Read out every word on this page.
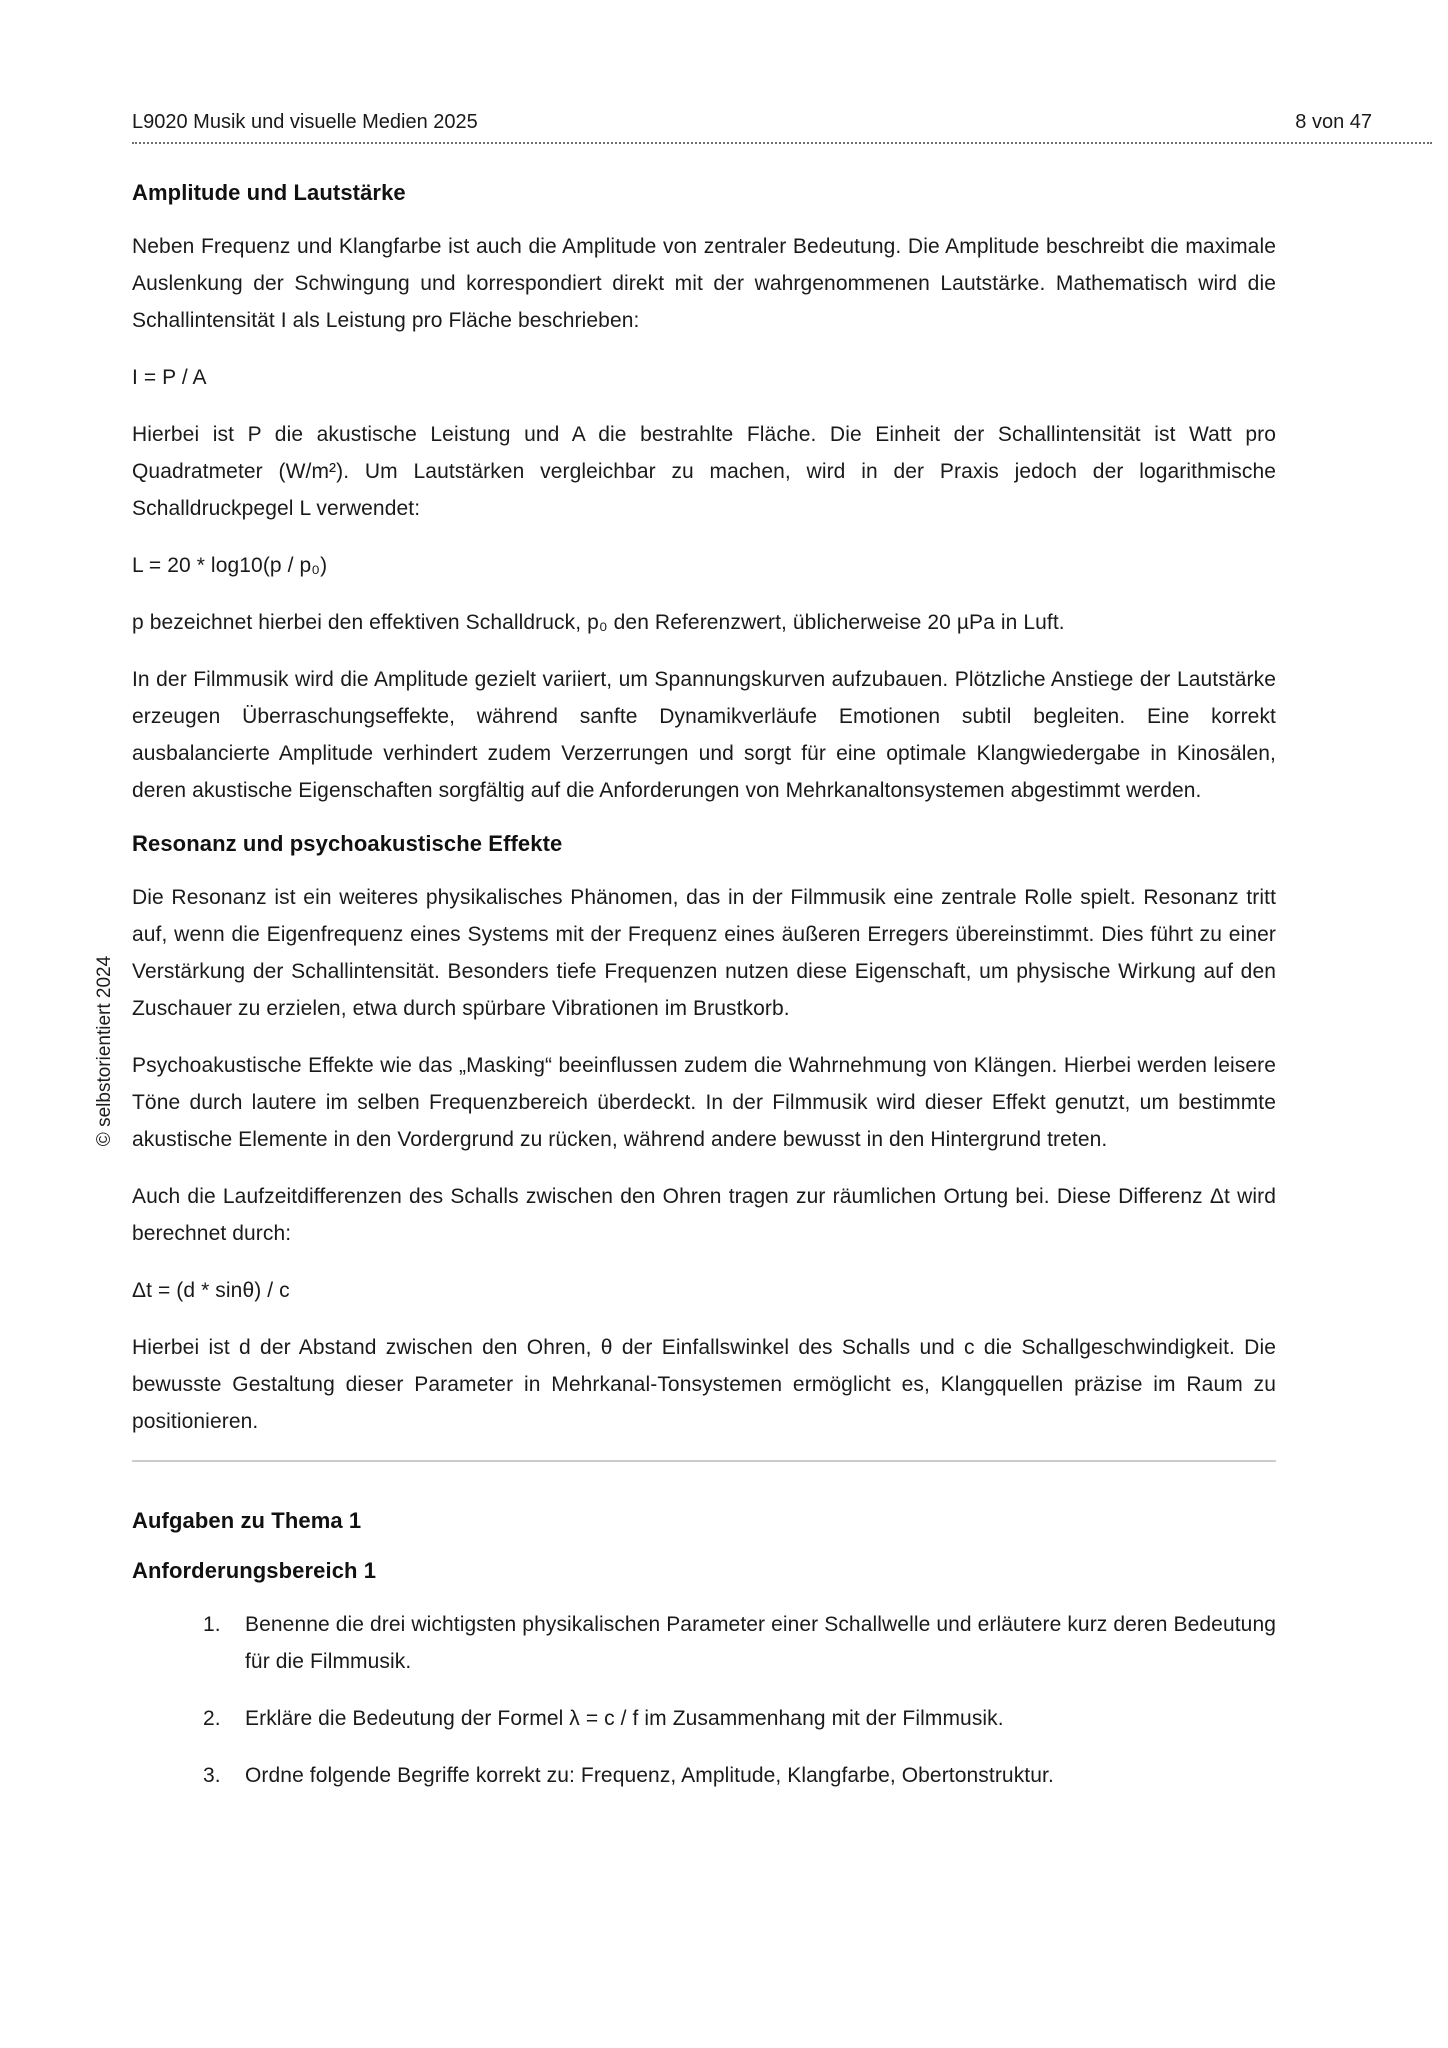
L9020 Musik und visuelle Medien 2025	8 von 47
© selbstorientiert 2024
Amplitude und Lautstärke

Neben Frequenz und Klangfarbe ist auch die Amplitude von zentraler Bedeutung. Die Amplitude beschreibt die maximale Auslenkung der Schwingung und korrespondiert direkt mit der wahrgenommenen Lautstärke. Mathematisch wird die Schallintensität I als Leistung pro Fläche beschrieben:

I = P / A

Hierbei ist P die akustische Leistung und A die bestrahlte Fläche. Die Einheit der Schallintensität ist Watt pro Quadratmeter (W/m²). Um Lautstärken vergleichbar zu machen, wird in der Praxis jedoch der logarithmische Schalldruckpegel L verwendet:

L = 20 * log10(p / p₀)

p bezeichnet hierbei den effektiven Schalldruck, p₀ den Referenzwert, üblicherweise 20 µPa in Luft.

In der Filmmusik wird die Amplitude gezielt variiert, um Spannungskurven aufzubauen. Plötzliche Anstiege der Lautstärke erzeugen Überraschungseffekte, während sanfte Dynamikverläufe Emotionen subtil begleiten. Eine korrekt ausbalancierte Amplitude verhindert zudem Verzerrungen und sorgt für eine optimale Klangwiedergabe in Kinosälen, deren akustische Eigenschaften sorgfältig auf die Anforderungen von Mehrkanaltonsystemen abgestimmt werden.

Resonanz und psychoakustische Effekte

Die Resonanz ist ein weiteres physikalisches Phänomen, das in der Filmmusik eine zentrale Rolle spielt. Resonanz tritt auf, wenn die Eigenfrequenz eines Systems mit der Frequenz eines äußeren Erregers übereinstimmt. Dies führt zu einer Verstärkung der Schallintensität. Besonders tiefe Frequenzen nutzen diese Eigenschaft, um physische Wirkung auf den Zuschauer zu erzielen, etwa durch spürbare Vibrationen im Brustkorb.

Psychoakustische Effekte wie das „Masking“ beeinflussen zudem die Wahrnehmung von Klängen. Hierbei werden leisere Töne durch lautere im selben Frequenzbereich überdeckt. In der Filmmusik wird dieser Effekt genutzt, um bestimmte akustische Elemente in den Vordergrund zu rücken, während andere bewusst in den Hintergrund treten.

Auch die Laufzeitdifferenzen des Schalls zwischen den Ohren tragen zur räumlichen Ortung bei. Diese Differenz Δt wird berechnet durch:

Δt = (d * sinθ) / c

Hierbei ist d der Abstand zwischen den Ohren, θ der Einfallswinkel des Schalls und c die Schallgeschwindigkeit. Die bewusste Gestaltung dieser Parameter in Mehrkanal-Tonsystemen ermöglicht es, Klangquellen präzise im Raum zu positionieren.

Aufgaben zu Thema 1
Anforderungsbereich 1
1. Benenne die drei wichtigsten physikalischen Parameter einer Schallwelle und erläutere kurz deren Bedeutung für die Filmmusik.
2. Erkläre die Bedeutung der Formel λ = c / f im Zusammenhang mit der Filmmusik.
3. Ordne folgende Begriffe korrekt zu: Frequenz, Amplitude, Klangfarbe, Obertonstruktur.
